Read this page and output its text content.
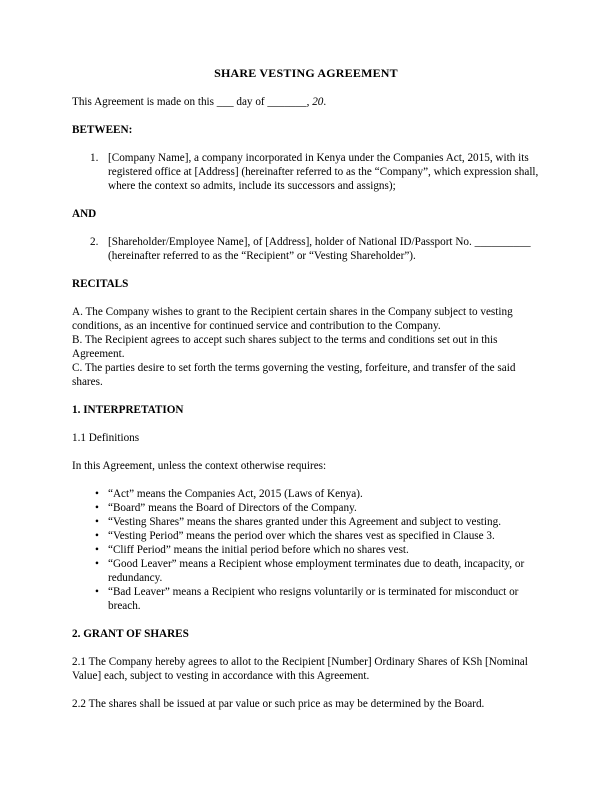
SHARE VESTING AGREEMENT

This Agreement is made on this ___ day of _______, 20.

BETWEEN:

1. [Company Name], a company incorporated in Kenya under the Companies Act, 2015, with its registered office at [Address] (hereinafter referred to as the “Company”, which expression shall, where the context so admits, include its successors and assigns);

AND

2. [Shareholder/Employee Name], of [Address], holder of National ID/Passport No. __________ (hereinafter referred to as the “Recipient” or “Vesting Shareholder”).

RECITALS

A. The Company wishes to grant to the Recipient certain shares in the Company subject to vesting conditions, as an incentive for continued service and contribution to the Company.
B. The Recipient agrees to accept such shares subject to the terms and conditions set out in this Agreement.
C. The parties desire to set forth the terms governing the vesting, forfeiture, and transfer of the said shares.

1. INTERPRETATION

1.1 Definitions

In this Agreement, unless the context otherwise requires:

• “Act” means the Companies Act, 2015 (Laws of Kenya).
• “Board” means the Board of Directors of the Company.
• “Vesting Shares” means the shares granted under this Agreement and subject to vesting.
• “Vesting Period” means the period over which the shares vest as specified in Clause 3.
• “Cliff Period” means the initial period before which no shares vest.
• “Good Leaver” means a Recipient whose employment terminates due to death, incapacity, or redundancy.
• “Bad Leaver” means a Recipient who resigns voluntarily or is terminated for misconduct or breach.

2. GRANT OF SHARES

2.1 The Company hereby agrees to allot to the Recipient [Number] Ordinary Shares of KSh [Nominal Value] each, subject to vesting in accordance with this Agreement.

2.2 The shares shall be issued at par value or such price as may be determined by the Board.
